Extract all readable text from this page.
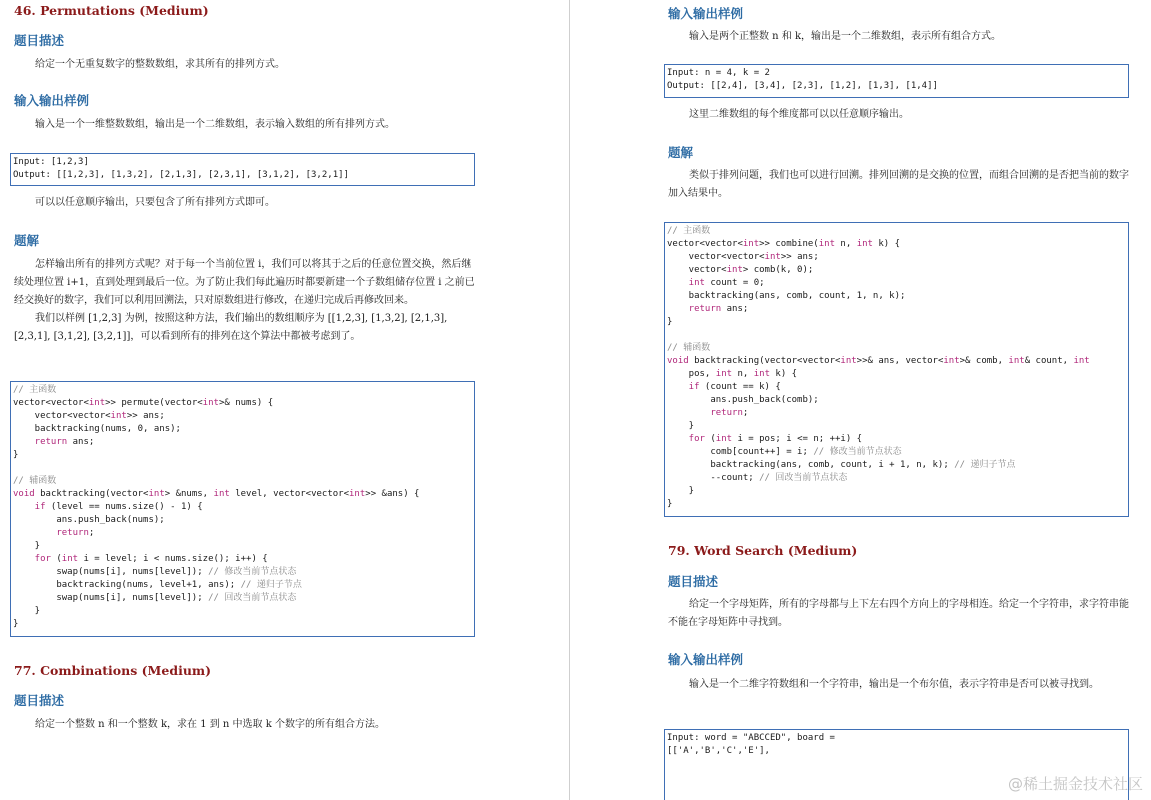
46. Permutations (Medium)
题目描述

给定一个无重复数字的整数数组，求其所有的排列方式。

输入输出样例

输入是一个一维整数数组，输出是一个二维数组，表示输入数组的所有排列方式。

Input: [1,2,3]
Output: [[1,2,3], [1,3,2], [2,1,3], [2,3,1], [3,1,2], [3,2,1]]

可以以任意顺序输出，只要包含了所有排列方式即可。

题解

怎样输出所有的排列方式呢？对于每一个当前位置 i，我们可以将其于之后的任意位置交换，然后继续处理位置 i+1，直到处理到最后一位。为了防止我们每此遍历时都要新建一个子数组储存位置 i 之前已经交换好的数字，我们可以利用回溯法，只对原数组进行修改，在递归完成后再修改回来。

我们以样例 [1,2,3] 为例，按照这种方法，我们输出的数组顺序为 [[1,2,3], [1,3,2], [2,1,3], [2,3,1], [3,1,2], [3,2,1]]，可以看到所有的排列在这个算法中都被考虑到了。

// 主函数
vector<vector<int>> permute(vector<int>& nums) {
vector<vector<int>> ans;
backtracking(nums, 0, ans);
return ans;
}
// 辅函数
void backtracking(vector<int> &nums, int level, vector<vector<int>> &ans) {
if (level == nums.size() - 1) {
ans.push_back(nums);
return;
}
for (int i = level; i < nums.size(); i++) {
swap(nums[i], nums[level]); // 修改当前节点状态
backtracking(nums, level+1, ans); // 递归子节点
swap(nums[i], nums[level]); // 回改当前节点状态
}
}
77. Combinations (Medium)
题目描述

给定一个整数 n 和一个整数 k，求在 1 到 n 中选取 k 个数字的所有组合方法。

输入输出样例

输入是两个正整数 n 和 k，输出是一个二维数组，表示所有组合方式。

Input: n = 4, k = 2
Output: [[2,4], [3,4], [2,3], [1,2], [1,3], [1,4]]

这里二维数组的每个维度都可以以任意顺序输出。

题解

类似于排列问题，我们也可以进行回溯。排列回溯的是交换的位置，而组合回溯的是否把当前的数字加入结果中。

// 主函数
vector<vector<int>> combine(int n, int k) {
vector<vector<int>> ans;
vector<int> comb(k, 0);
int count = 0;
backtracking(ans, comb, count, 1, n, k);
return ans;
}
// 辅函数
void backtracking(vector<vector<int>>& ans, vector<int>& comb, int& count, int
pos, int n, int k) {
if (count == k) {
ans.push_back(comb);
return;
}
for (int i = pos; i <= n; ++i) {
comb[count++] = i; // 修改当前节点状态
backtracking(ans, comb, count, i + 1, n, k); // 递归子节点
--count; // 回改当前节点状态
}
}
79. Word Search (Medium)
题目描述

给定一个字母矩阵，所有的字母都与上下左右四个方向上的字母相连。给定一个字符串，求字符串能不能在字母矩阵中寻找到。

输入输出样例

输入是一个二维字符数组和一个字符串，输出是一个布尔值，表示字符串是否可以被寻找到。

Input: word = "ABCCED", board =
[['A','B','C','E'],
@稀土掘金技术社区
